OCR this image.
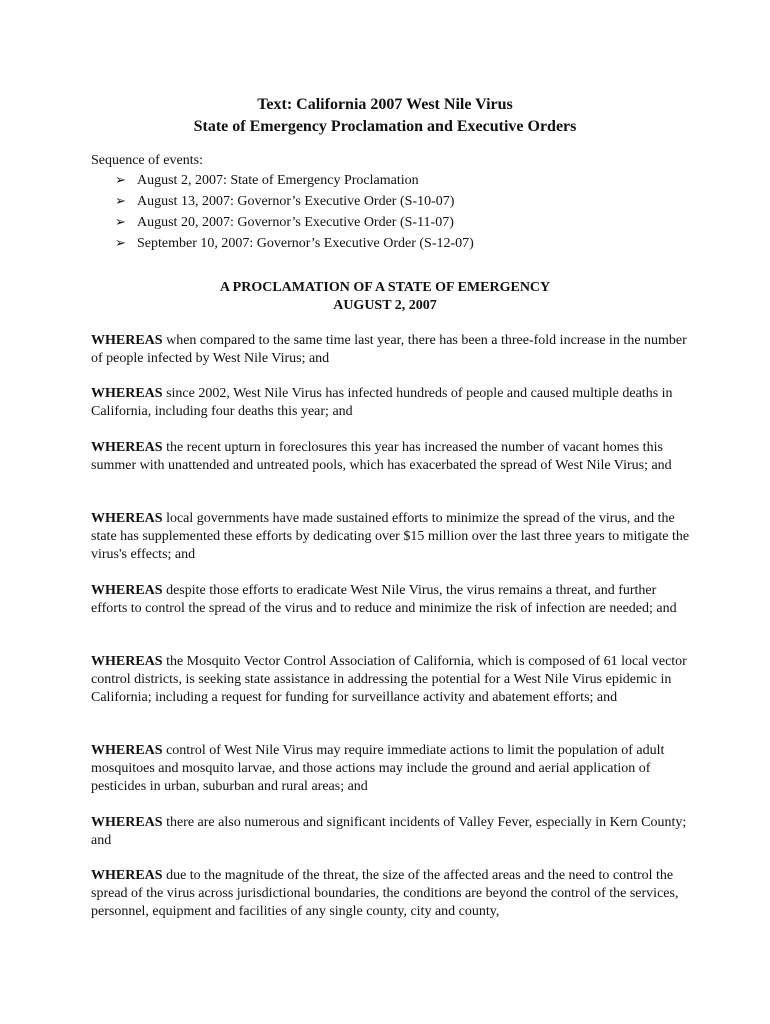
Text: California 2007 West Nile Virus
State of Emergency Proclamation and Executive Orders
Sequence of events:
➢ August 2, 2007: State of Emergency Proclamation
➢ August 13, 2007: Governor’s Executive Order (S-10-07)
➢ August 20, 2007: Governor’s Executive Order (S-11-07)
➢ September 10, 2007: Governor’s Executive Order (S-12-07)
A PROCLAMATION OF A STATE OF EMERGENCY
AUGUST 2, 2007

WHEREAS when compared to the same time last year, there has been a three-fold increase in the number of people infected by West Nile Virus; and

WHEREAS since 2002, West Nile Virus has infected hundreds of people and caused multiple deaths in California, including four deaths this year; and

WHEREAS the recent upturn in foreclosures this year has increased the number of vacant homes this summer with unattended and untreated pools, which has exacerbated the spread of West Nile Virus; and

WHEREAS local governments have made sustained efforts to minimize the spread of the virus, and the state has supplemented these efforts by dedicating over $15 million over the last three years to mitigate the virus's effects; and

WHEREAS despite those efforts to eradicate West Nile Virus, the virus remains a threat, and further efforts to control the spread of the virus and to reduce and minimize the risk of infection are needed; and

WHEREAS the Mosquito Vector Control Association of California, which is composed of 61 local vector control districts, is seeking state assistance in addressing the potential for a West Nile Virus epidemic in California; including a request for funding for surveillance activity and abatement efforts; and

WHEREAS control of West Nile Virus may require immediate actions to limit the population of adult mosquitoes and mosquito larvae, and those actions may include the ground and aerial application of pesticides in urban, suburban and rural areas; and

WHEREAS there are also numerous and significant incidents of Valley Fever, especially in Kern County; and

WHEREAS due to the magnitude of the threat, the size of the affected areas and the need to control the spread of the virus across jurisdictional boundaries, the conditions are beyond the control of the services, personnel, equipment and facilities of any single county, city and county,
